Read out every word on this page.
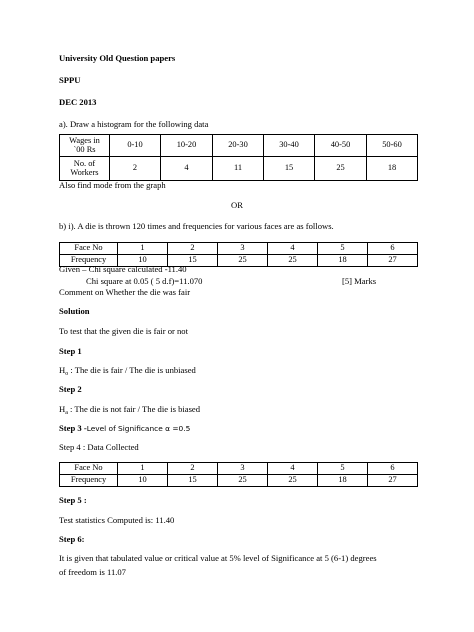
University Old Question papers
SPPU
DEC 2013
a). Draw a histogram for the following data
Wages in
`00 Rs	0-10	10-20	20-30	30-40	40-50	50-60
No. of
Workers	2	4	11	15	25	18
Also find mode from the graph
OR
b) i). A die is thrown 120 times and frequencies for various faces are as follows.
Face No	1	2	3	4	5	6
Frequency	10	15	25	25	18	27
Given – Chi square calculated -11.40
Chi square at 0.05 ( 5 d.f)=11.070	[5] Marks
Comment on Whether the die was fair
Solution
To test that the given die is fair or not
Step 1
$H_o$ : The die is fair / The die is unbiased
Step 2
$H_a$ : The die is not fair / The die is biased
Step 3 -Level of Significance α =0.5
Step 4 : Data Collected
Face No	1	2	3	4	5	6
Frequency	10	15	25	25	18	27
Step 5 :
Test statistics Computed is: 11.40
Step 6:
It is given that tabulated value or critical value at 5% level of Significance at 5 (6-1) degrees
of freedom is 11.07
